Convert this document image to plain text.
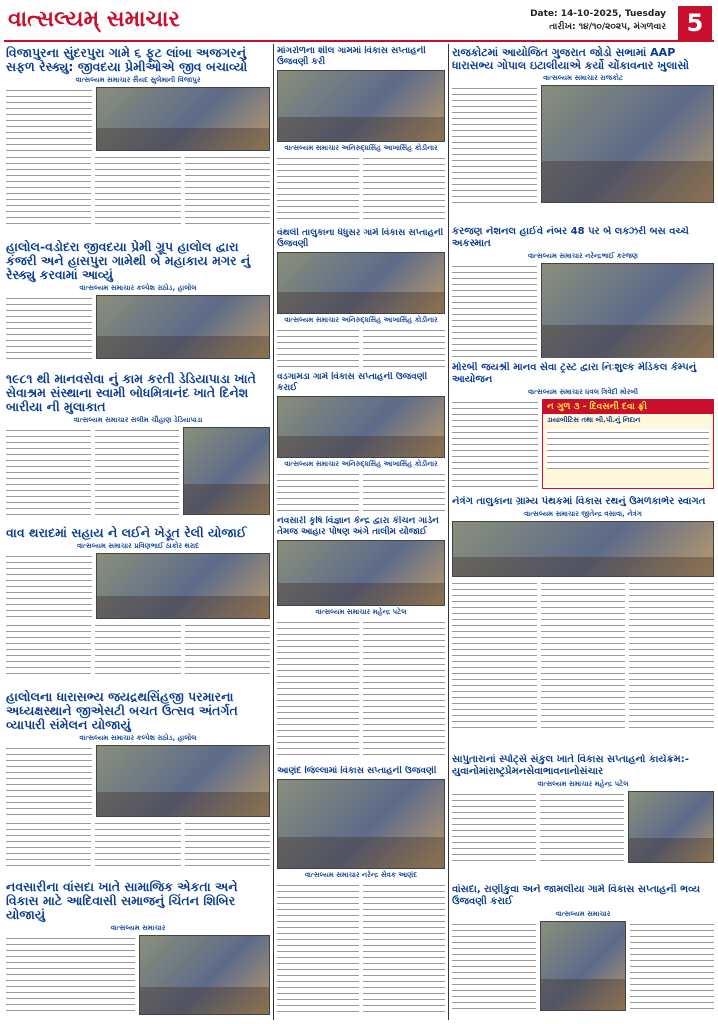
વાત્સલ્યમ્ સમાચાર	Date: 14-10-2025, Tuesday
તારીખ: ૧૪/૧૦/૨૦૨૫, મંગળવાર 5
વિજાપુરના સુંદરપુરા ગામે ૬ ફૂટ લાંબા અજગરનું સફળ રેસ્ક્યુ: જીવદયા પ્રેમીઓએ જીવ બચાવ્યો
વાત્સલ્યમ સમાચાર સૈયદ સુલેમાની વિજાપુર
હાલોલ-વડોદરા જીવદયા પ્રેમી ગ્રૂપ હાલોલ દ્વારા કંજરી અને હાસપુરા ગામેથી બે મહાકાય મગર નું રેસ્ક્યુ કરવામાં આવ્યું
વાત્સલ્યમ સમાચાર કલ્પેશ રાઠોડ, હાલોલ
૧૯૮૧ થી માનવસેવા નું કામ કરતી ડેડિયાપાડા ખાતે સેવાશ્રમ સંસ્થાના સ્વામી બોધમિત્રાનંદ ખાતે દિનેશ બારીયા ની મુલાકાત
વાત્સલ્યમ સમાચાર સલીમ ચૌહાણ ડેડિયાપાડા
વાવ થરાદમાં સહાય ને લઈને ખેડૂત રેલી યોજાઈ
વાત્સલ્યમ સમાચાર પ્રવિણભાઈ ઠાકોર થરાદ
હાલોલના ધારાસભ્ય જયદ્રથસિંહજી પરમારના અધ્યક્ષસ્થાને જીએસટી બચત ઉત્સવ અંતર્ગત વ્યાપારી સંમેલન યોજાયું
વાત્સલ્યમ સમાચાર કલ્પેશ રાઠોડ, હાલોલ
નવસારીના વાંસદા ખાતે સામાજિક એકતા અને વિકાસ માટે આદિવાસી સમાજનું ચિંતન શિબિર યોજાયું
વાત્સલ્યમ સમાચાર
માંગરોળના શીલ ગામમાં વિકાસ સપ્તાહની ઉજવણી કરી
વાત્સલ્યમ સમાચાર અનિરુદ્ધસિંહ આખાસિંહ કોડીનાર
વંથલી તાલુકાના ધંધુસર ગામે વિકાસ સપ્તાહની ઉજવણી
વાત્સલ્યમ સમાચાર અનિરુદ્ધસિંહ આખાસિંહ કોડીનાર
વડગામડા ગામે વિકાસ સપ્તાહની ઉજવણી કરાઈ
વાત્સલ્યમ સમાચાર અનિરુદ્ધસિંહ આખાસિંહ કોડીનાર
નવસારી કૃષિ વિજ્ઞાન કેન્દ્ર દ્વારા કીચન ગાર્ડન તેમજ આહાર પોષણ અંગે તાલીમ યોજાઈ
વાત્સલ્યમ સમાચાર મહેન્દ્ર પટેલ
આણંદ જિલ્લામાં વિકાસ સપ્તાહની ઉજવણી
વાત્સલ્યમ સમાચાર નરેન્દ્ર સેવક આણંદ
રાજકોટમાં આયોજિત ગુજરાત જોડો સભામાં AAP ધારાસભ્ય ગોપાલ ઇટાલીયાએ કર્યો ચોંકાવનાર ખુલાસો
વાત્સલ્યમ સમાચાર રાજકોટ
કરજણ નેશનલ હાઈવે નંબર 48 પર બે લક્ઝરી બસ વચ્ચે અકસ્માત
વાત્સલ્યમ સમાચાર નરેન્દ્રભાઈ કરજણ
મોરબી જયશ્રી માનવ સેવા ટ્રસ્ટ દ્વારા નિઃશુલ્ક મેડિકલ કેમ્પનું આયોજન
વાત્સલ્યમ સમાચાર ધવલ ત્રિવેદી મોરબી
ન ગુળ ૩ - દિવસની દવા ફ્રી
ડાયાબીટિસ તથા બી.પી.નું નિદાન
નેત્રંગ તાલુકાના ગ્રામ્ય પંથકમાં વિકાસ રથનું ઉમળકાભેર સ્વાગત
વાત્સલ્યમ સમાચાર જીતેન્દ્ર વસાવા, નેત્રંગ
સાપુતારાનાં સ્પોર્ટ્સ સંકુલ ખાતે વિકાસ સપ્તાહનો કાર્યક્રમ:-યુવાનોમાંરાષ્ટ્રપ્રેમનસેવાભાવનાનોસંચાર
વાત્સલ્યમ સમાચાર મહેન્દ્ર પટેલ
વાંસદા, રાણીકુવા અને જામલીયા ગામે વિકાસ સપ્તાહની ભવ્ય ઉજવણી કરાઈ
વાત્સલ્યમ સમાચાર
